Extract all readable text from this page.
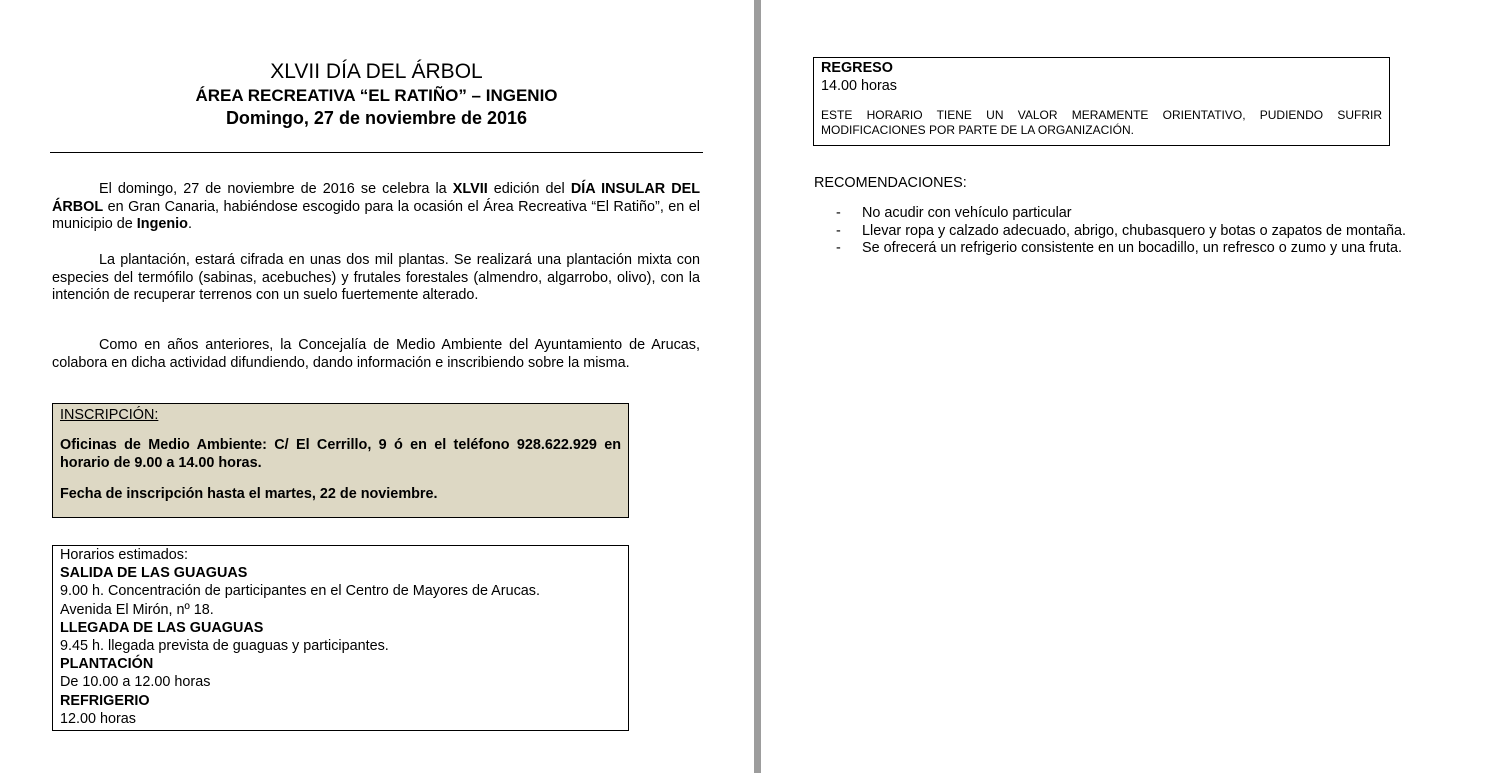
XLVII DÍA DEL ÁRBOL
ÁREA RECREATIVA “EL RATIÑO” – INGENIO
Domingo, 27 de noviembre de 2016

El domingo, 27 de noviembre de 2016 se celebra la XLVII edición del DÍA INSULAR DEL ÁRBOL en Gran Canaria, habiéndose escogido para la ocasión el Área Recreativa “El Ratiño”, en el municipio de Ingenio.

La plantación, estará cifrada en unas dos mil plantas. Se realizará una plantación mixta con especies del termófilo (sabinas, acebuches) y frutales forestales (almendro, algarrobo, olivo), con la intención de recuperar terrenos con un suelo fuertemente alterado.

Como en años anteriores, la Concejalía de Medio Ambiente del Ayuntamiento de Arucas, colabora en dicha actividad difundiendo, dando información e inscribiendo sobre la misma.

INSCRIPCIÓN:
Oficinas de Medio Ambiente: C/ El Cerrillo, 9 ó en el teléfono 928.622.929 en horario de 9.00 a 14.00 horas.
Fecha de inscripción hasta el martes, 22 de noviembre.
Horarios estimados:
SALIDA DE LAS GUAGUAS
9.00 h. Concentración de participantes en el Centro de Mayores de Arucas.
Avenida El Mirón, nº 18.
LLEGADA DE LAS GUAGUAS
9.45 h. llegada prevista de guaguas y participantes.
PLANTACIÓN
De 10.00 a 12.00 horas
REFRIGERIO
12.00 horas
REGRESO
14.00 horas
ESTE HORARIO TIENE UN VALOR MERAMENTE ORIENTATIVO, PUDIENDO SUFRIR MODIFICACIONES POR PARTE DE LA ORGANIZACIÓN.
RECOMENDACIONES:
- No acudir con vehículo particular
- Llevar ropa y calzado adecuado, abrigo, chubasquero y botas o zapatos de montaña.
- Se ofrecerá un refrigerio consistente en un bocadillo, un refresco o zumo y una fruta.
